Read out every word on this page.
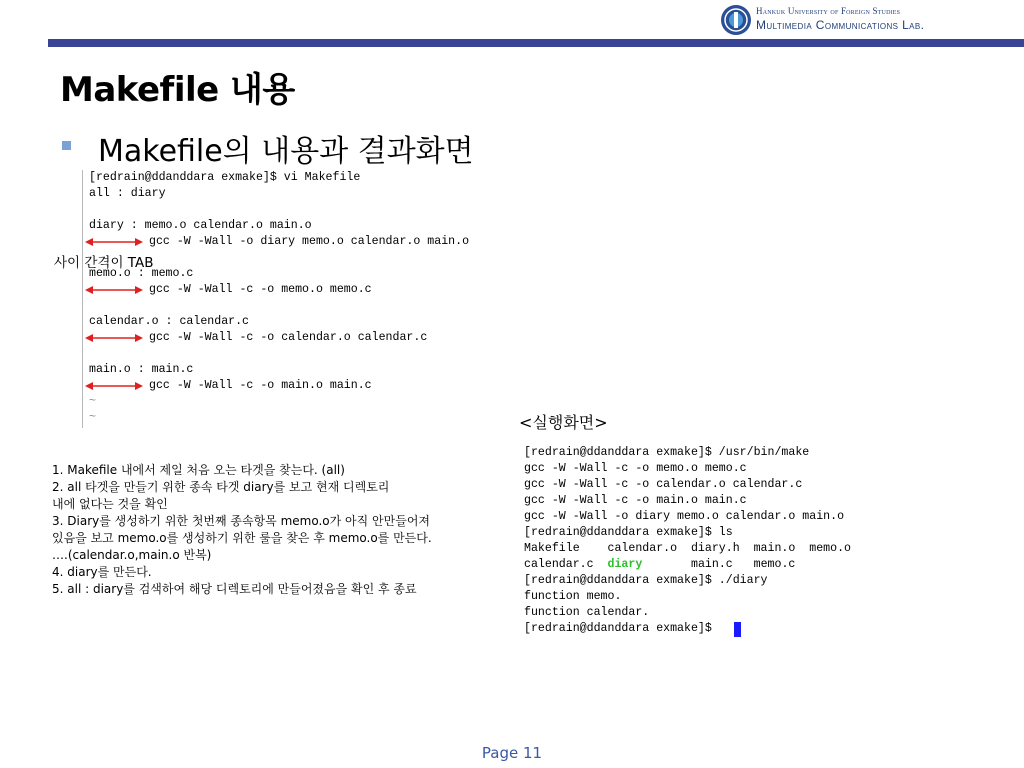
Hankuk University of Foreign Studies
Multimedia Communications Lab.
Makefile 내용
Makefile의 내용과 결과화면
[redrain@ddanddara exmake]$ vi Makefile
all : diary
diary : memo.o calendar.o main.o
gcc -W -Wall -o diary memo.o calendar.o main.o
memo.o : memo.c
gcc -W -Wall -c -o memo.o memo.c
calendar.o : calendar.c
gcc -W -Wall -c -o calendar.o calendar.c
main.o : main.c
gcc -W -Wall -c -o main.o main.c
~
~
사이 간격이 TAB
<실행화면>
[redrain@ddanddara exmake]$ /usr/bin/make
gcc -W -Wall -c -o memo.o memo.c
gcc -W -Wall -c -o calendar.o calendar.c
gcc -W -Wall -c -o main.o main.c
gcc -W -Wall -o diary memo.o calendar.o main.o
[redrain@ddanddara exmake]$ ls
Makefile    calendar.o  diary.h  main.o  memo.o
calendar.c  diary       main.c   memo.c
[redrain@ddanddara exmake]$ ./diary
function memo.
function calendar.
[redrain@ddanddara exmake]$
1. Makefile 내에서 제일 처음 오는 타겟을 찾는다. (all)
2. all 타겟을 만들기 위한 종속 타겟 diary를 보고 현재 디렉토리
내에 없다는 것을 확인
3. Diary를 생성하기 위한 첫번째 종속항목 memo.o가 아직 안만들어져
있음을 보고 memo.o를 생성하기 위한 룰을 찾은 후 memo.o를 만든다.
….(calendar.o,main.o 반복)
4. diary를 만든다.
5. all : diary를 검색하여 해당 디렉토리에 만들어졌음을 확인 후 종료
Page 11
